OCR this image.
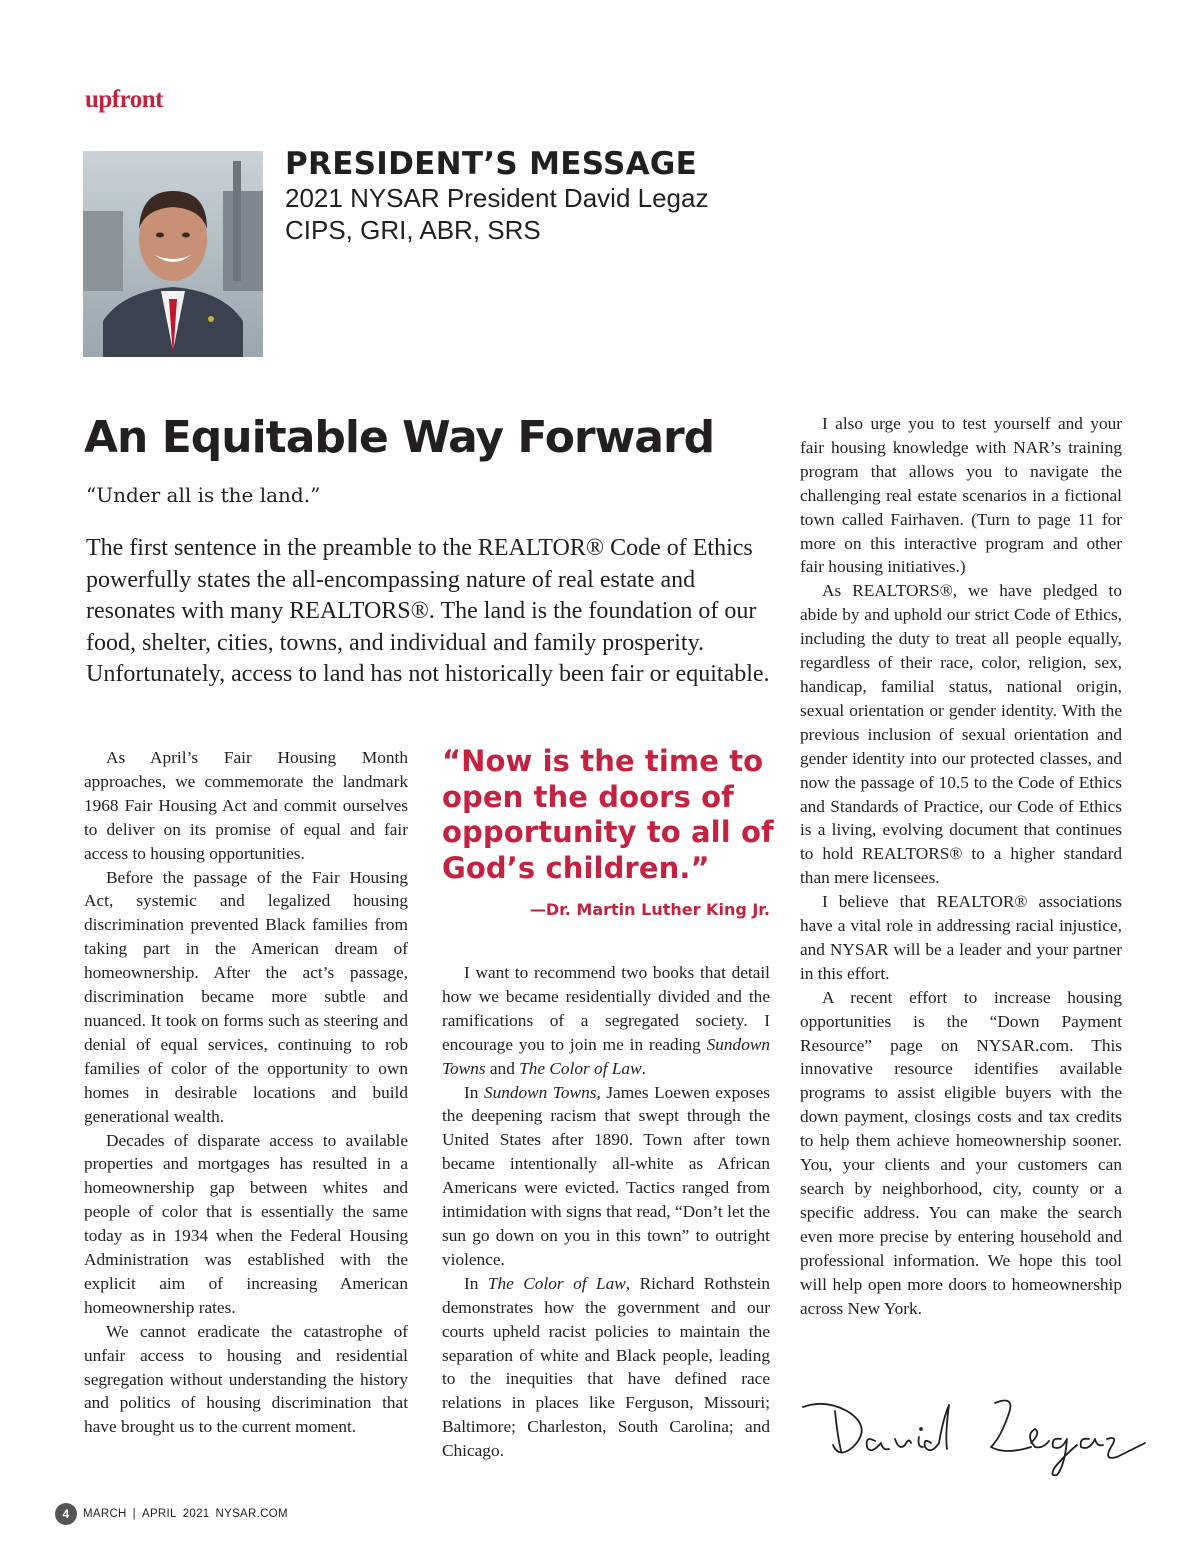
upfront
PRESIDENT’S MESSAGE

2021 NYSAR President David Legaz

CIPS, GRI, ABR, SRS

An Equitable Way Forward

“Under all is the land.”

The first sentence in the preamble to the REALTOR® Code of Ethics powerfully states the all-encompassing nature of real estate and resonates with many REALTORS®. The land is the foundation of our food, shelter, cities, towns, and individual and family prosperity. Unfortunately, access to land has not historically been fair or equitable.

As April’s Fair Housing Month approaches, we commemorate the landmark 1968 Fair Housing Act and commit ourselves to deliver on its promise of equal and fair access to housing opportunities.

Before the passage of the Fair Housing Act, systemic and legalized housing discrimination prevented Black families from taking part in the American dream of homeownership. After the act’s passage, discrimination became more subtle and nuanced. It took on forms such as steering and denial of equal services, continuing to rob families of color of the opportunity to own homes in desirable locations and build generational wealth.

Decades of disparate access to available properties and mortgages has resulted in a homeownership gap between whites and people of color that is essentially the same today as in 1934 when the Federal Housing Administration was established with the explicit aim of increasing American homeownership rates.

We cannot eradicate the catastrophe of unfair access to housing and residential segregation without understanding the history and politics of housing discrimination that have brought us to the current moment.

“Now is the time to open the doors of opportunity to all of God’s children.”

—Dr. Martin Luther King Jr.

I want to recommend two books that detail how we became residentially divided and the ramifications of a segregated society. I encourage you to join me in reading Sundown Towns and The Color of Law.

In Sundown Towns, James Loewen exposes the deepening racism that swept through the United States after 1890. Town after town became intentionally all-white as African Americans were evicted. Tactics ranged from intimidation with signs that read, “Don’t let the sun go down on you in this town” to outright violence.

In The Color of Law, Richard Rothstein demonstrates how the government and our courts upheld racist policies to maintain the separation of white and Black people, leading to the inequities that have defined race relations in places like Ferguson, Missouri; Baltimore; Charleston, South Carolina; and Chicago.

I also urge you to test yourself and your fair housing knowledge with NAR’s training program that allows you to navigate the challenging real estate scenarios in a fictional town called Fairhaven. (Turn to page 11 for more on this interactive program and other fair housing initiatives.)

As REALTORS®, we have pledged to abide by and uphold our strict Code of Ethics, including the duty to treat all people equally, regardless of their race, color, religion, sex, handicap, familial status, national origin, sexual orientation or gender identity. With the previous inclusion of sexual orientation and gender identity into our protected classes, and now the passage of 10.5 to the Code of Ethics and Standards of Practice, our Code of Ethics is a living, evolving document that continues to hold REALTORS® to a higher standard than mere licensees.

I believe that REALTOR® associations have a vital role in addressing racial injustice, and NYSAR will be a leader and your partner in this effort.

A recent effort to increase housing opportunities is the “Down Payment Resource” page on NYSAR.com. This innovative resource identifies available programs to assist eligible buyers with the down payment, closings costs and tax credits to help them achieve homeownership sooner. You, your clients and your customers can search by neighborhood, city, county or a specific address. You can make the search even more precise by entering household and professional information. We hope this tool will help open more doors to homeownership across New York.

4	MARCH | APRIL 2021 NYSAR.COM
